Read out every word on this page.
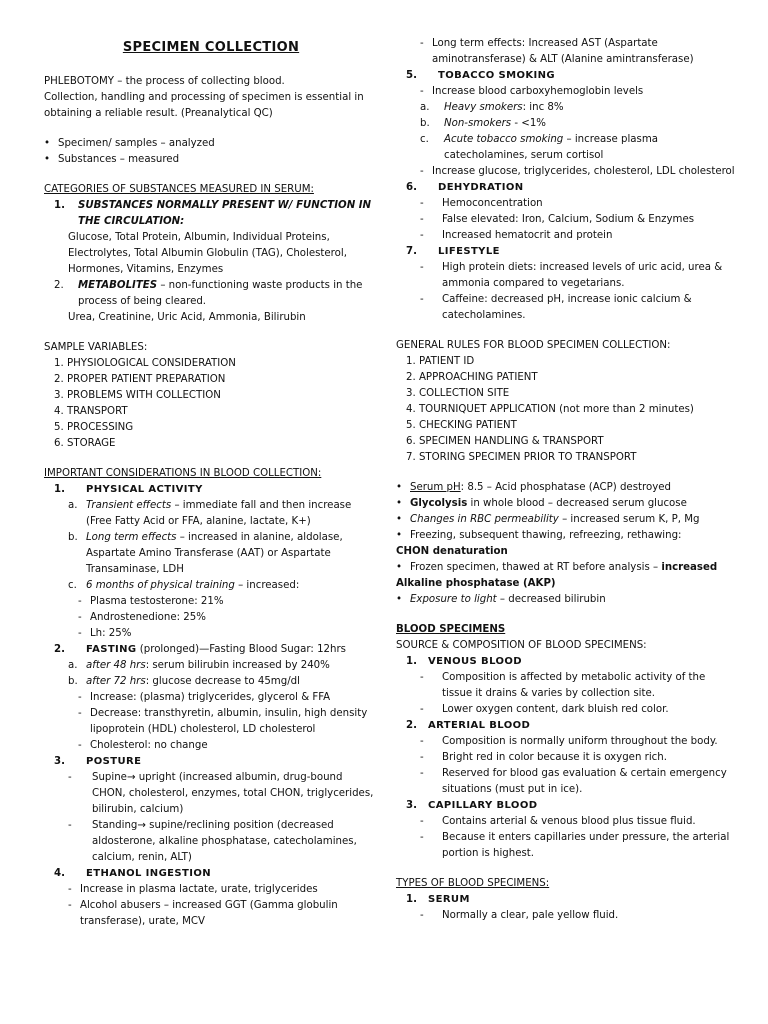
SPECIMEN COLLECTION

PHLEBOTOMY – the process of collecting blood.

Collection, handling and processing of specimen is essential in obtaining a reliable result. (Preanalytical QC)

• Specimen/ samples – analyzed
• Substances – measured

CATEGORIES OF SUBSTANCES MEASURED IN SERUM:

1.	SUBSTANCES NORMALLY PRESENT W/ FUNCTION IN THE CIRCULATION:

Glucose, Total Protein, Albumin, Individual Proteins, Electrolytes, Total Albumin Globulin (TAG), Cholesterol, Hormones, Vitamins, Enzymes

2.	METABOLITES – non-functioning waste products in the process of being cleared.

Urea, Creatinine, Uric Acid, Ammonia, Bilirubin

SAMPLE VARIABLES:

1. PHYSIOLOGICAL CONSIDERATION
2. PROPER PATIENT PREPARATION
3. PROBLEMS WITH COLLECTION
4. TRANSPORT
5. PROCESSING
6. STORAGE

IMPORTANT CONSIDERATIONS IN BLOOD COLLECTION:

1.	PHYSICAL ACTIVITY
a. Transient effects – immediate fall and then increase (Free Fatty Acid or FFA, alanine, lactate, K+)
b. Long term effects – increased in alanine, aldolase, Aspartate Amino Transferase (AAT) or Aspartate Transaminase, LDH
c. 6 months of physical training – increased:
- Plasma testosterone: 21%
- Androstenedione: 25%
- Lh: 25%
2.	FASTING (prolonged)—Fasting Blood Sugar: 12hrs
a. after 48 hrs: serum bilirubin increased by 240%
b. after 72 hrs: glucose decrease to 45mg/dl
- Increase: (plasma) triglycerides, glycerol & FFA
- Decrease: transthyretin, albumin, insulin, high density lipoprotein (HDL) cholesterol, LD cholesterol
- Cholesterol: no change
3.	POSTURE
-	Supine→ upright (increased albumin, drug-bound CHON, cholesterol, enzymes, total CHON, triglycerides, bilirubin, calcium)
-	Standing→ supine/reclining position (decreased aldosterone, alkaline phosphatase, catecholamines, calcium, renin, ALT)
4.	ETHANOL INGESTION
- Increase in plasma lactate, urate, triglycerides
- Alcohol abusers – increased GGT (Gamma globulin transferase), urate, MCV
- Long term effects: Increased AST (Aspartate aminotransferase) & ALT (Alanine amintransferase)
5.	TOBACCO SMOKING
- Increase blood carboxyhemoglobin levels
a.	Heavy smokers: inc 8%
b.	Non-smokers - <1%
c.	Acute tobacco smoking – increase plasma catecholamines, serum cortisol
- Increase glucose, triglycerides, cholesterol, LDL cholesterol
6.	DEHYDRATION
-	Hemoconcentration
-	False elevated: Iron, Calcium, Sodium & Enzymes
-	Increased hematocrit and protein
7.	LIFESTYLE
-	High protein diets: increased levels of uric acid, urea & ammonia compared to vegetarians.
-	Caffeine: decreased pH, increase ionic calcium & catecholamines.

GENERAL RULES FOR BLOOD SPECIMEN COLLECTION:

1. PATIENT ID
2. APPROACHING PATIENT
3. COLLECTION SITE
4. TOURNIQUET APPLICATION (not more than 2 minutes)
5. CHECKING PATIENT
6. SPECIMEN HANDLING & TRANSPORT
7. STORING SPECIMEN PRIOR TO TRANSPORT
• Serum pH: 8.5 – Acid phosphatase (ACP) destroyed
• Glycolysis in whole blood – decreased serum glucose
• Changes in RBC permeability – increased serum K, P, Mg
• Freezing, subsequent thawing, refreezing, rethawing:

CHON denaturation

• Frozen specimen, thawed at RT before analysis – increased

Alkaline phosphatase (AKP)

• Exposure to light – decreased bilirubin

BLOOD SPECIMENS

SOURCE & COMPOSITION OF BLOOD SPECIMENS:

1.	VENOUS BLOOD
-	Composition is affected by metabolic activity of the tissue it drains & varies by collection site.
-	Lower oxygen content, dark bluish red color.
2.	ARTERIAL BLOOD
-	Composition is normally uniform throughout the body.
-	Bright red in color because it is oxygen rich.
-	Reserved for blood gas evaluation & certain emergency situations (must put in ice).
3.	CAPILLARY BLOOD
-	Contains arterial & venous blood plus tissue fluid.
-	Because it enters capillaries under pressure, the arterial portion is highest.

TYPES OF BLOOD SPECIMENS:

1.	SERUM
-	Normally a clear, pale yellow fluid.
